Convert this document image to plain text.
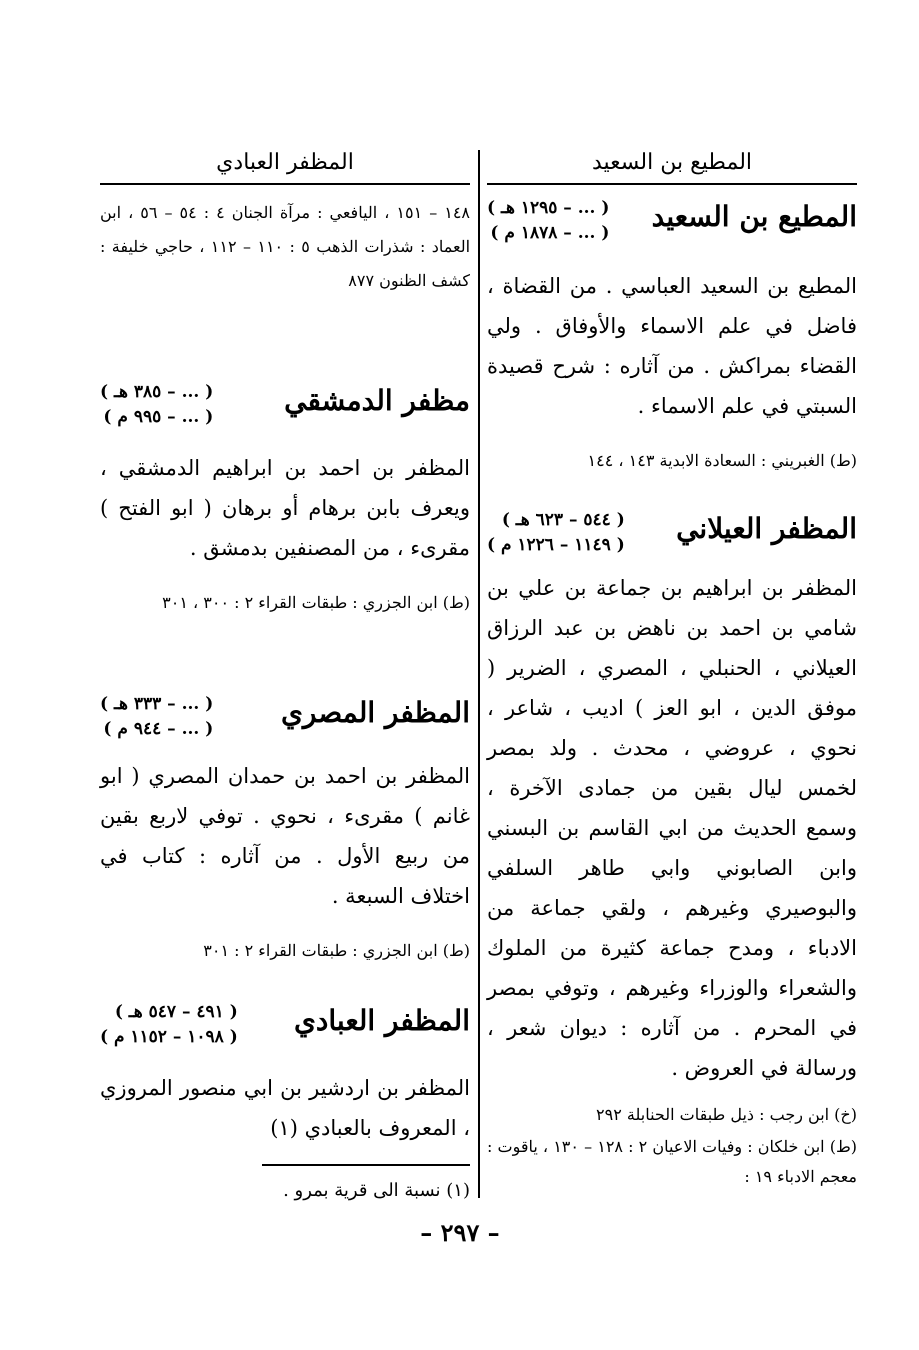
المطيع بن السعيد
المظفر العبادي
المطيع بن السعيد
( ... – ١٢٩٥ هـ )
( ... – ١٨٧٨ م )
المطيع بن السعيد العباسي . من القضاة ، فاضل في علم الاسماء والأوفاق . ولي القضاء بمراكش . من آثاره : شرح قصيدة السبتي في علم الاسماء .
(ط) الغبريني : السعادة الابدية ١٤٣ ، ١٤٤
المظفر العيلاني
( ٥٤٤ – ٦٢٣ هـ )
( ١١٤٩ – ١٢٢٦ م )
المظفر بن ابراهيم بن جماعة بن علي بن شامي بن احمد بن ناهض بن عبد الرزاق العيلاني ، الحنبلي ، المصري ، الضرير ( موفق الدين ، ابو العز ) اديب ، شاعر ، نحوي ، عروضي ، محدث . ولد بمصر لخمس ليال بقين من جمادى الآخرة ، وسمع الحديث من ابي القاسم بن البسني وابن الصابوني وابي طاهر السلفي والبوصيري وغيرهم ، ولقي جماعة من الادباء ، ومدح جماعة كثيرة من الملوك والشعراء والوزراء وغيرهم ، وتوفي بمصر في المحرم . من آثاره : ديوان شعر ، ورسالة في العروض .
(خ) ابن رجب : ذيل طبقات الحنابلة ٢٩٢
(ط) ابن خلكان : وفيات الاعيان ٢ : ١٢٨ – ١٣٠ ، ياقوت : معجم الادباء ١٩ :
١٤٨ – ١٥١ ، اليافعي : مرآة الجنان ٤ : ٥٤ – ٥٦ ، ابن العماد : شذرات الذهب ٥ : ١١٠ – ١١٢ ، حاجي خليفة : كشف الظنون ٨٧٧
مظفر الدمشقي
( ... – ٣٨٥ هـ )
( ... – ٩٩٥ م )
المظفر بن احمد بن ابراهيم الدمشقي ، ويعرف بابن برهام أو برهان ( ابو الفتح ) مقرىء ، من المصنفين بدمشق .
(ط) ابن الجزري : طبقات القراء ٢ : ٣٠٠ ، ٣٠١
المظفر المصري
( ... – ٣٣٣ هـ )
( ... – ٩٤٤ م )
المظفر بن احمد بن حمدان المصري ( ابو غانم ) مقرىء ، نحوي . توفي لاربع بقين من ربيع الأول . من آثاره : كتاب في اختلاف السبعة .
(ط) ابن الجزري : طبقات القراء ٢ : ٣٠١
المظفر العبادي
( ٤٩١ – ٥٤٧ هـ )
( ١٠٩٨ – ١١٥٢ م )
المظفر بن اردشير بن ابي منصور المروزي ، المعروف بالعبادي (١)
(١) نسبة الى قرية بمرو .
– ٢٩٧ –
